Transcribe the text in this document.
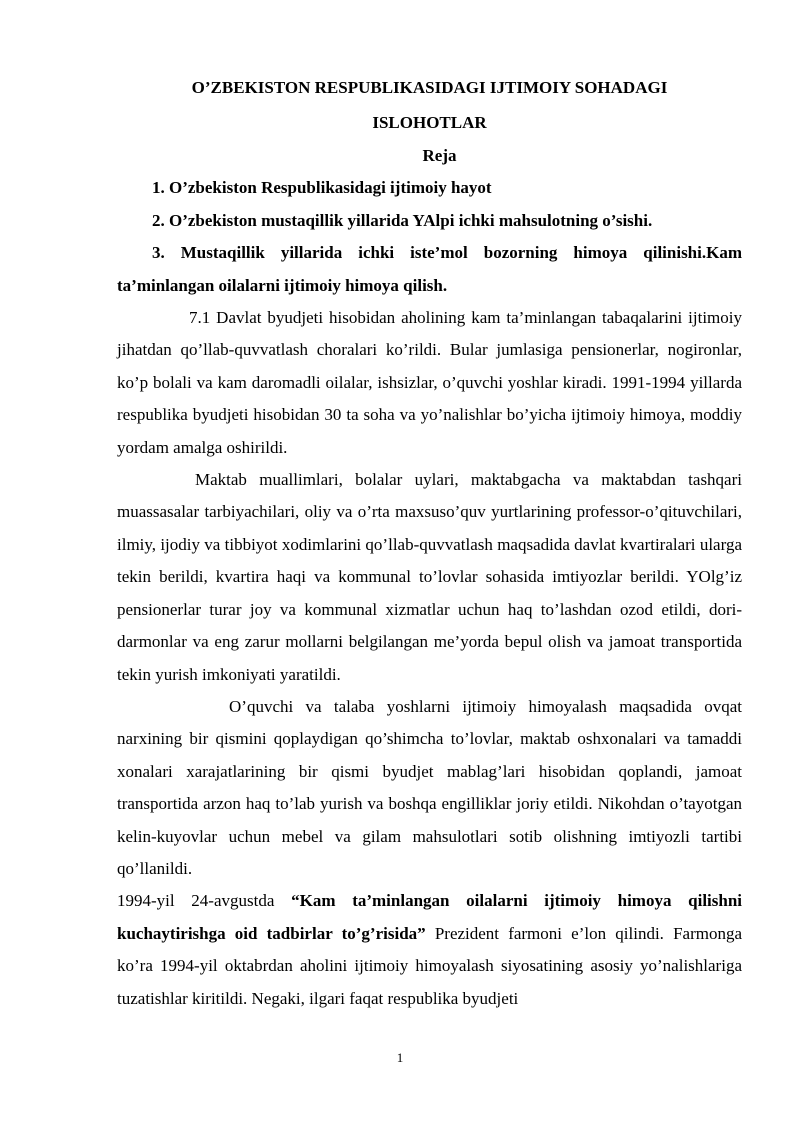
O’ZBEKISTON RESPUBLIKASIDAGI IJTIMOIY SOHADAGI
ISLOHOTLAR
Reja
1. O’zbekiston Respublikasidagi ijtimoiy hayot
2. O’zbekiston mustaqillik yillarida YAlpi ichki mahsulotning o’sishi.
3. Mustaqillik yillarida ichki iste’mol bozorning himoya qilinishi.Kam ta’minlangan oilalarni ijtimoiy himoya qilish.

7.1 Davlat byudjeti hisobidan aholining kam ta’minlangan tabaqalarini ijtimoiy jihatdan qo’llab-quvvatlash choralari ko’rildi. Bular jumlasiga pensionerlar, nogironlar, ko’p bolali va kam daromadli oilalar, ishsizlar, o’quvchi yoshlar kiradi. 1991-1994 yillarda respublika byudjeti hisobidan 30 ta soha va yo’nalishlar bo’yicha ijtimoiy himoya, moddiy yordam amalga oshirildi.

Maktab muallimlari, bolalar uylari, maktabgacha va maktabdan tashqari muassasalar tarbiyachilari, oliy va o’rta maxsuso’quv yurtlarining professor-o’qituvchilari, ilmiy, ijodiy va tibbiyot xodimlarini qo’llab-quvvatlash maqsadida davlat kvartiralari ularga tekin berildi, kvartira haqi va kommunal to’lovlar sohasida imtiyozlar berildi. YOlg’iz pensionerlar turar joy va kommunal xizmatlar uchun haq to’lashdan ozod etildi, dori-darmonlar va eng zarur mollarni belgilangan me’yorda bepul olish va jamoat transportida tekin yurish imkoniyati yaratildi.

O’quvchi va talaba yoshlarni ijtimoiy himoyalash maqsadida ovqat narxining bir qismini qoplaydigan qo’shimcha to’lovlar, maktab oshxonalari va tamaddi xonalari xarajatlarining bir qismi byudjet mablag’lari hisobidan qoplandi, jamoat transportida arzon haq to’lab yurish va boshqa engilliklar joriy etildi. Nikohdan o’tayotgan kelin-kuyovlar uchun mebel va gilam mahsulotlari sotib olishning imtiyozli tartibi qo’llanildi.

1994-yil 24-avgustda “Kam ta’minlangan oilalarni ijtimoiy himoya qilishni kuchaytirishga oid tadbirlar to’g’risida” Prezident farmoni e’lon qilindi. Farmonga ko’ra 1994-yil oktabrdan aholini ijtimoiy himoyalash siyosatining asosiy yo’nalishlariga tuzatishlar kiritildi. Negaki, ilgari faqat respublika byudjeti

1
